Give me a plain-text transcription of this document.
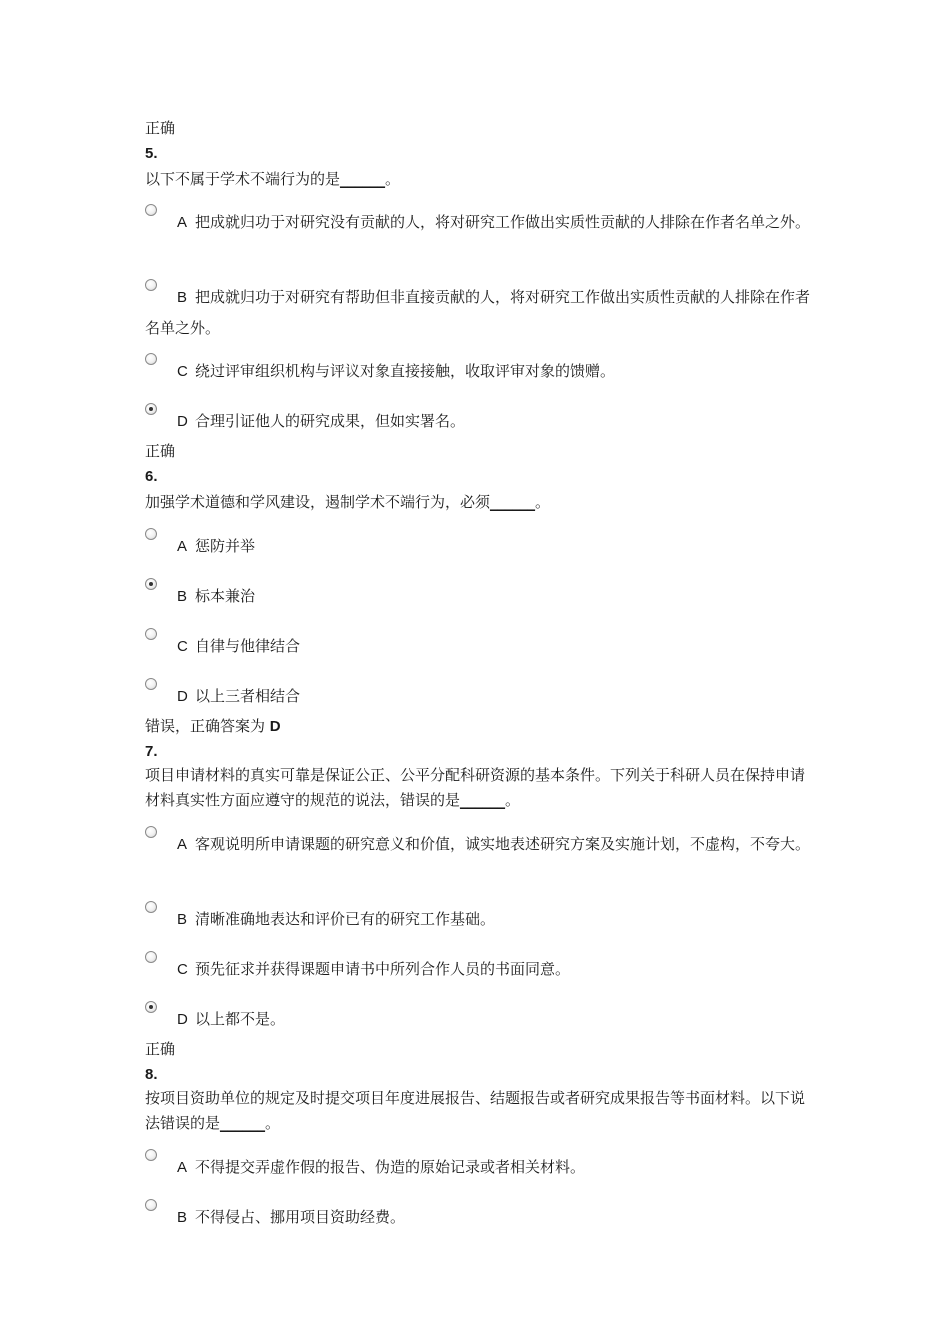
正确
5.
以下不属于学术不端行为的是______。
A 把成就归功于对研究没有贡献的人，将对研究工作做出实质性贡献的人排除在作者名单之外。
B 把成就归功于对研究有帮助但非直接贡献的人，将对研究工作做出实质性贡献的人排除在作者名单之外。
C 绕过评审组织机构与评议对象直接接触，收取评审对象的馈赠。
D 合理引证他人的研究成果，但如实署名。
正确
6.
加强学术道德和学风建设，遏制学术不端行为，必须______。
A 惩防并举
B 标本兼治
C 自律与他律结合
D 以上三者相结合
错误，正确答案为 D
7.
项目申请材料的真实可靠是保证公正、公平分配科研资源的基本条件。下列关于科研人员在保持申请材料真实性方面应遵守的规范的说法，错误的是______。
A 客观说明所申请课题的研究意义和价值，诚实地表述研究方案及实施计划，不虚构，不夸大。
B 清晰准确地表达和评价已有的研究工作基础。
C 预先征求并获得课题申请书中所列合作人员的书面同意。
D 以上都不是。
正确
8.
按项目资助单位的规定及时提交项目年度进展报告、结题报告或者研究成果报告等书面材料。以下说法错误的是______。
A 不得提交弄虚作假的报告、伪造的原始记录或者相关材料。
B 不得侵占、挪用项目资助经费。
